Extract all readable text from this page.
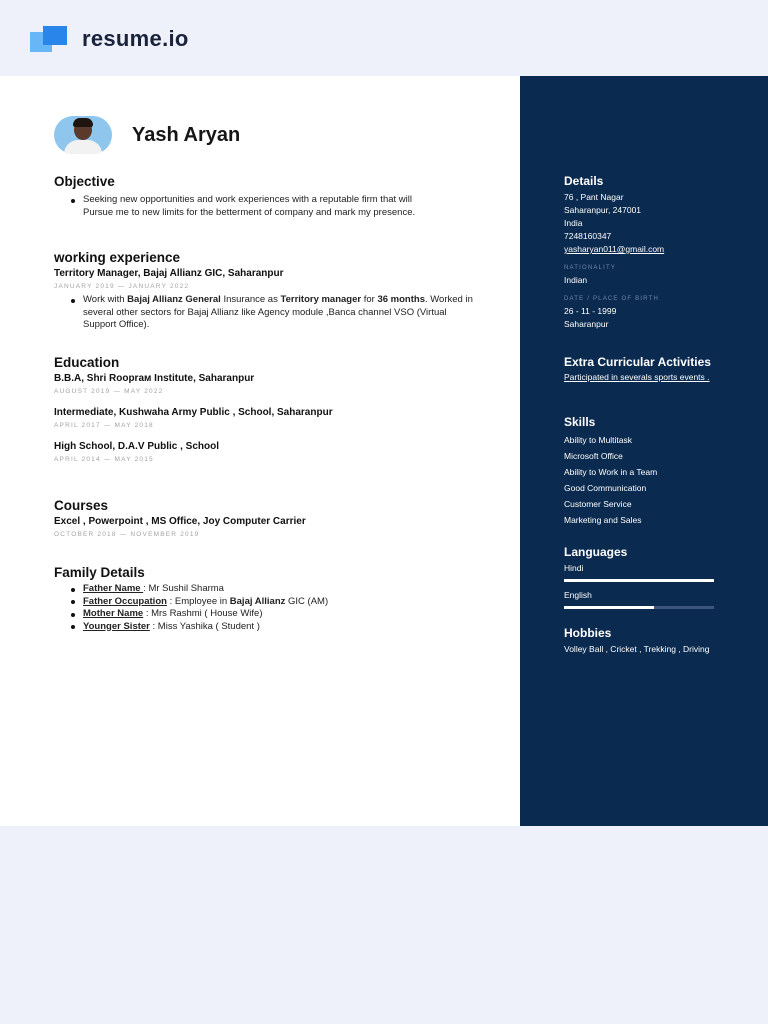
resume.io
Yash Aryan
Objective
Seeking new opportunities and work experiences with a reputable firm that will Pursue me to new limits for the betterment of company and mark my presence.
working experience
Territory Manager, Bajaj Allianz GIC, Saharanpur
JANUARY 2019 — JANUARY 2022
Work with Bajaj Allianz General Insurance as Territory manager for 36 months. Worked in several other sectors for Bajaj Allianz like Agency module ,Banca channel VSO (Virtual Support Office).
Education
B.B.A, Shri Rooprам Institute, Saharanpur
AUGUST 2019 — MAY 2022
Intermediate, Kushwaha Army Public , School, Saharanpur
APRIL 2017 — MAY 2018
High School, D.A.V Public , School
APRIL 2014 — MAY 2015
Courses
Excel , Powerpoint , MS Office, Joy Computer Carrier
OCTOBER 2018 — NOVEMBER 2019
Family Details
Father Name : Mr Sushil Sharma
Father Occupation : Employee in Bajaj Allianz GIC (AM)
Mother Name : Mrs Rashmi ( House Wife)
Younger Sister : Miss Yashika ( Student )
Details
76 , Pant Nagar
Saharanpur, 247001
India
7248160347
yasharyan011@gmail.com
NATIONALITY
Indian
DATE / PLACE OF BIRTH
26 - 11 - 1999
Saharanpur
Extra Curricular Activities
Participated in severals sports events .
Skills
Ability to Multitask
Microsoft Office
Ability to Work in a Team
Good Communication
Customer Service
Marketing and Sales
Languages
Hindi
English
Hobbies
Volley Ball , Cricket , Trekking , Driving
